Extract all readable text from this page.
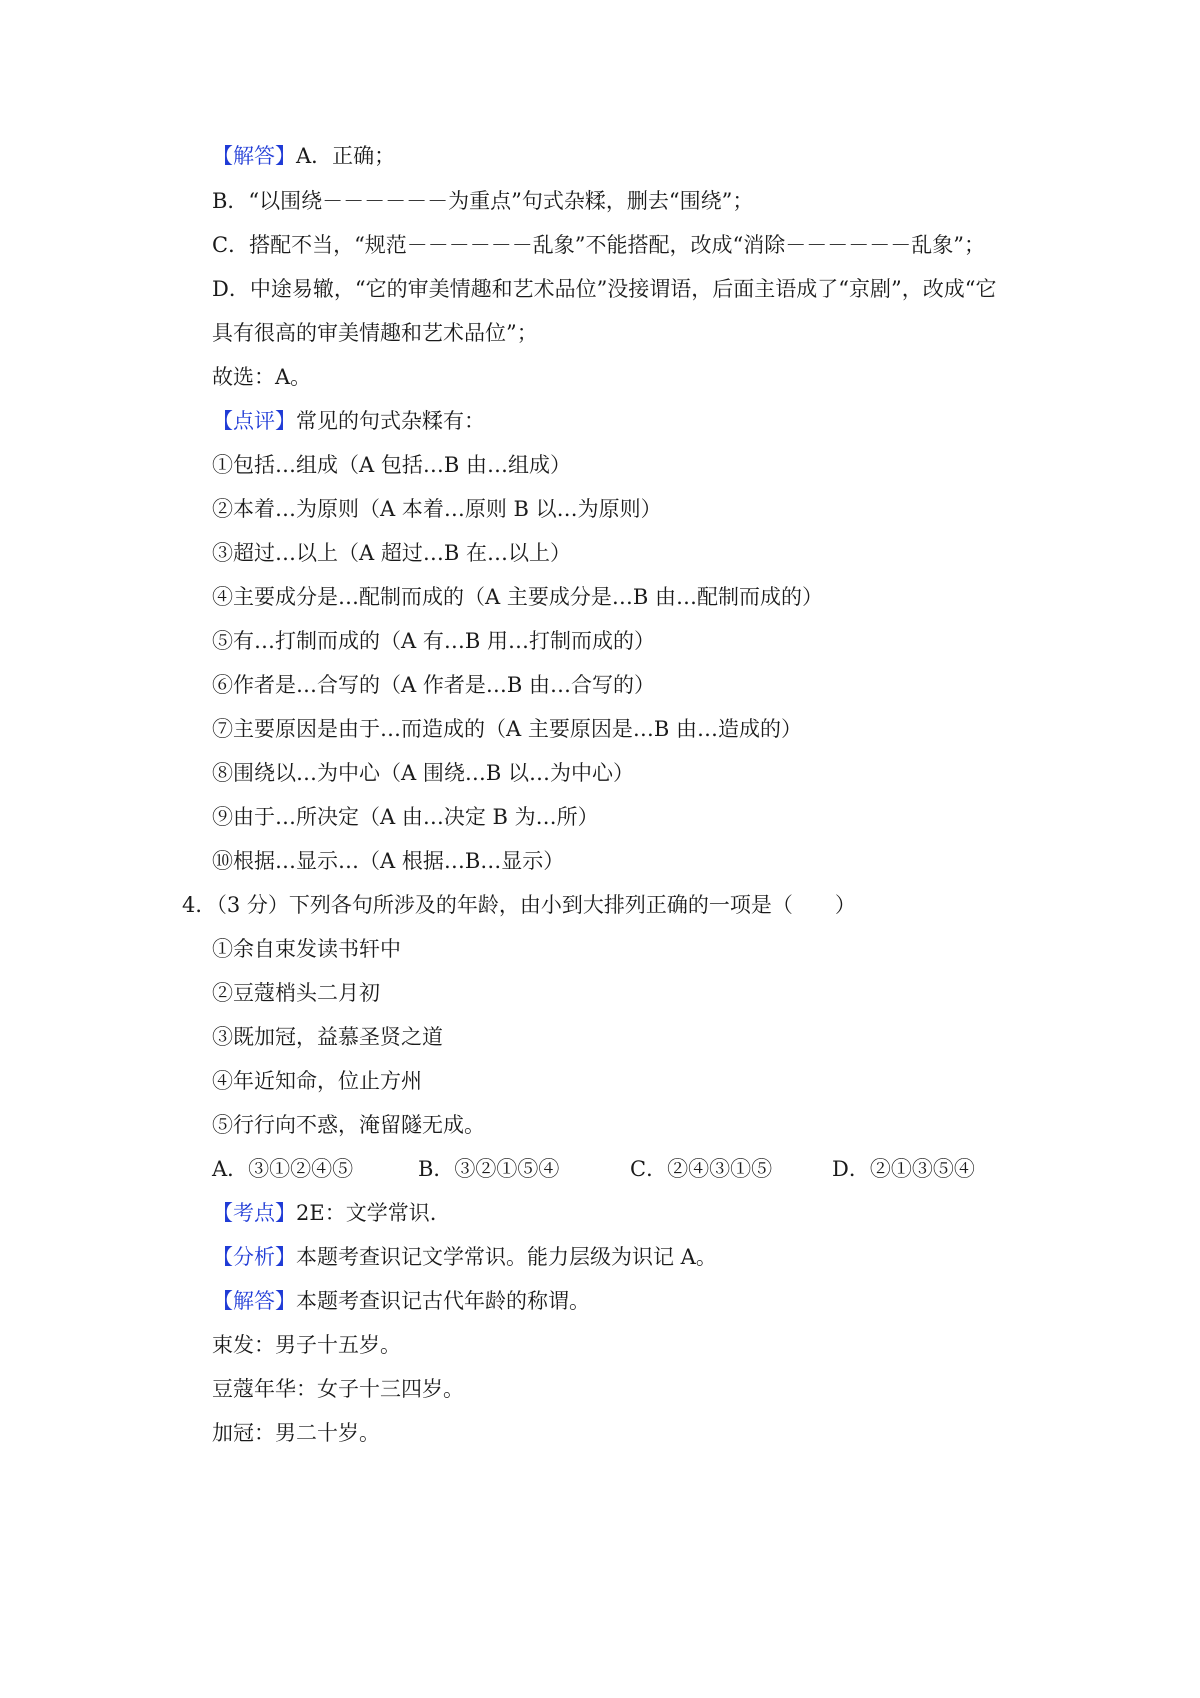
【解答】A．正确；
B．“以围绕－－－－－－为重点”句式杂糅，删去“围绕”；
C．搭配不当，“规范－－－－－－乱象”不能搭配，改成“消除－－－－－－乱象”；
D．中途易辙，“它的审美情趣和艺术品位”没接谓语，后面主语成了“京剧”，改成“它
具有很高的审美情趣和艺术品位”；
故选：A。
【点评】常见的句式杂糅有：
①包括…组成（A 包括…B 由…组成）
②本着…为原则（A 本着…原则 B 以…为原则）
③超过…以上（A 超过…B 在…以上）
④主要成分是…配制而成的（A 主要成分是…B 由…配制而成的）
⑤有…打制而成的（A 有…B 用…打制而成的）
⑥作者是…合写的（A 作者是…B 由…合写的）
⑦主要原因是由于…而造成的（A 主要原因是…B 由…造成的）
⑧围绕以…为中心（A 围绕…B 以…为中心）
⑨由于…所决定（A 由…决定 B 为…所）
⑩根据…显示…（A 根据…B…显示）
4．（3 分）下列各句所涉及的年龄，由小到大排列正确的一项是（　　）
①余自束发读书轩中
②豆蔻梢头二月初
③既加冠，益慕圣贤之道
④年近知命，位止方州
⑤行行向不惑，淹留隧无成。
A．③①②④⑤	B．③②①⑤④	C．②④③①⑤	D．②①③⑤④
【考点】2E：文学常识.
【分析】本题考查识记文学常识。能力层级为识记 A。
【解答】本题考查识记古代年龄的称谓。
束发：男子十五岁。
豆蔻年华：女子十三四岁。
加冠：男二十岁。
